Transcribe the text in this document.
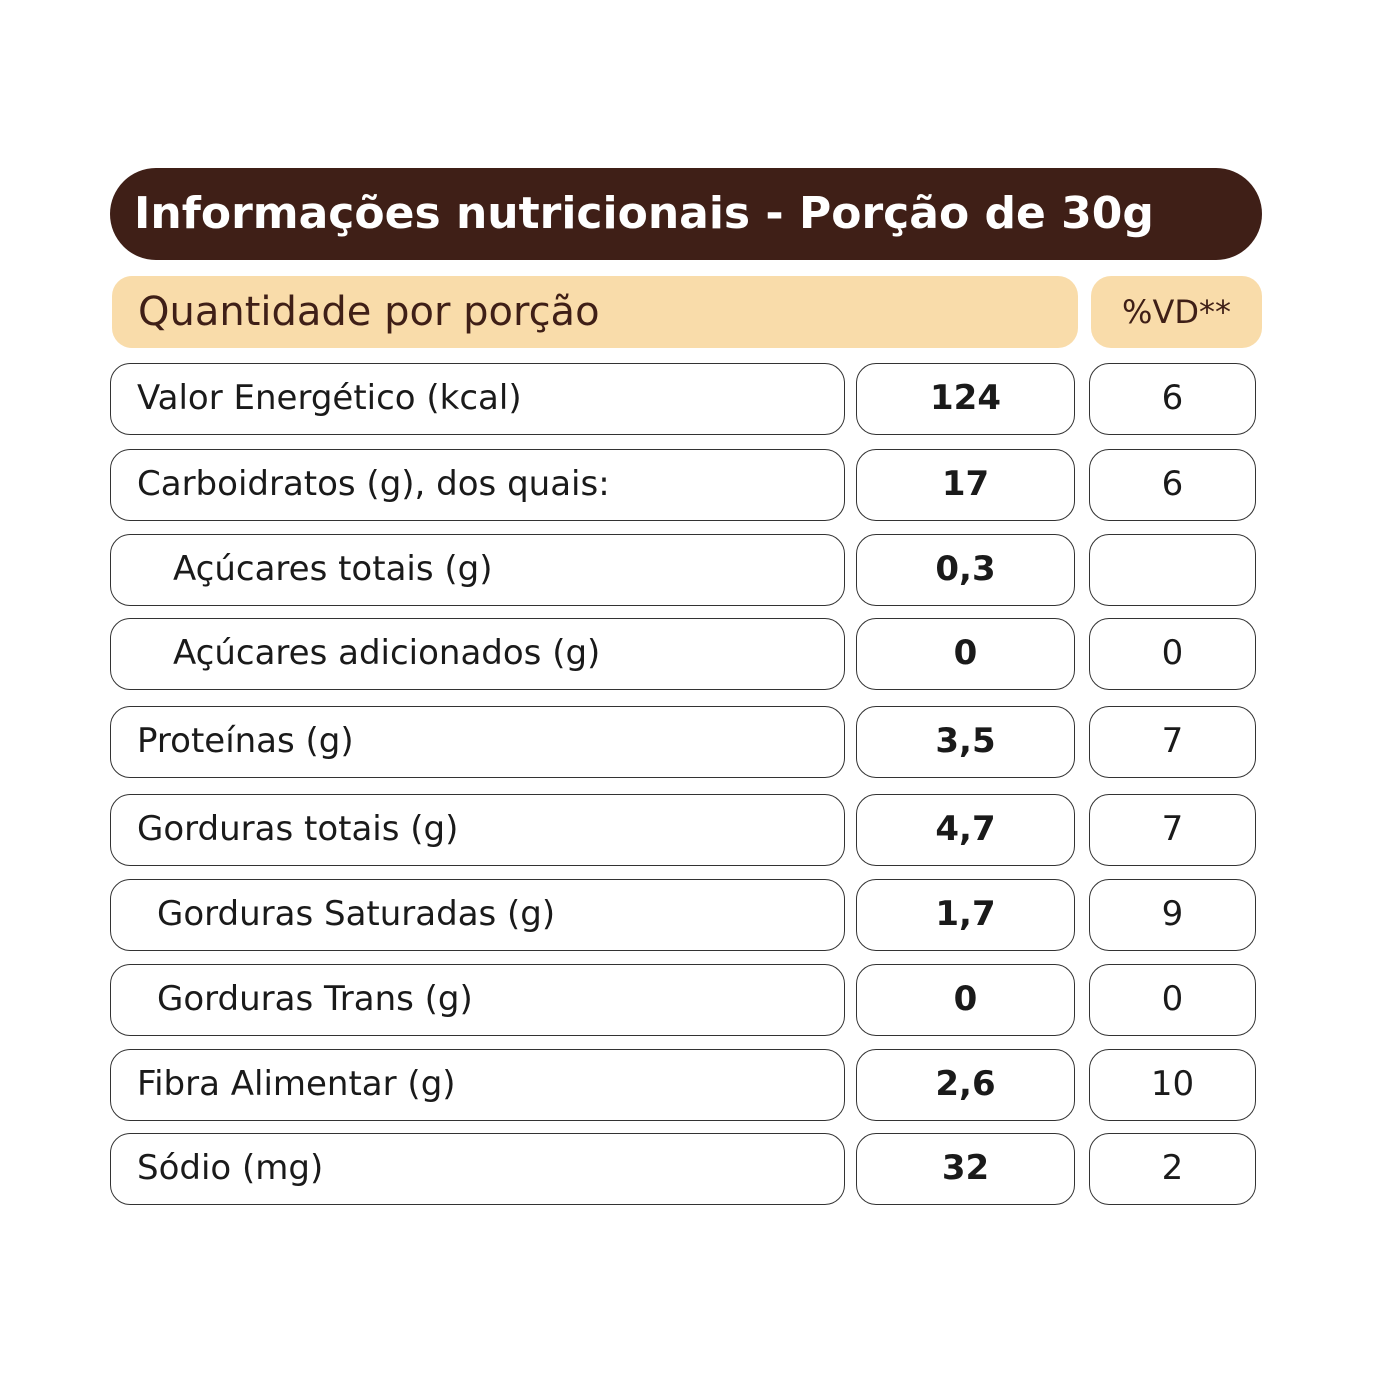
Informações nutricionais - Porção de 30g
Quantidade por porção	%VD**
Valor Energético (kcal)	124	6
Carboidratos (g), dos quais:	17	6
Açúcares totais (g)	0,3
Açúcares adicionados (g)	0	0
Proteínas (g)	3,5	7
Gorduras totais (g)	4,7	7
Gorduras Saturadas (g)	1,7	9
Gorduras Trans (g)	0	0
Fibra Alimentar (g)	2,6	10
Sódio (mg)	32	2
